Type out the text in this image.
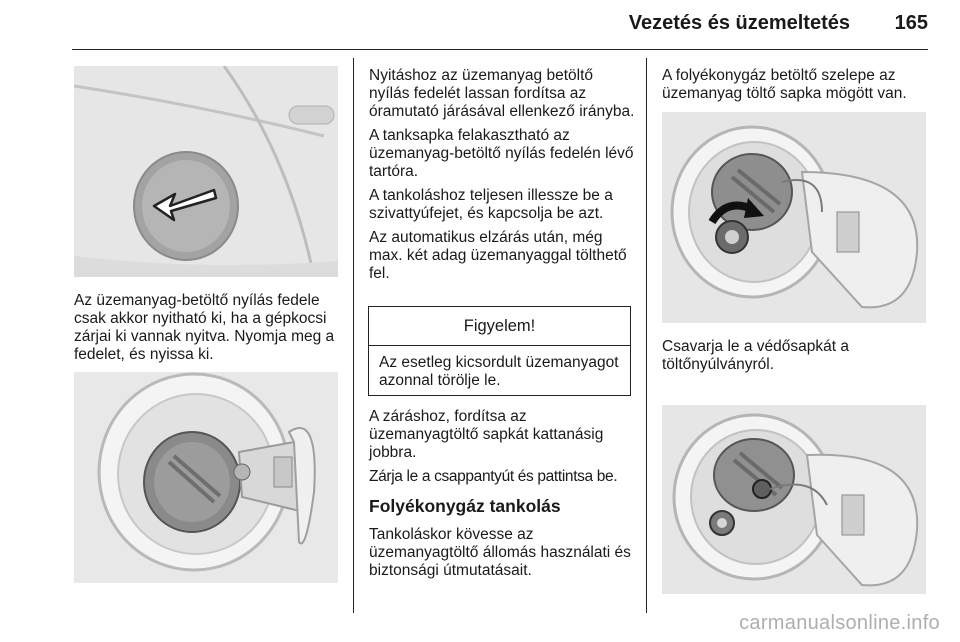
Vezetés és üzemeltetés	165

Az üzemanyag-betöltő nyílás fedele csak akkor nyitható ki, ha a gépkocsi zárjai ki vannak nyitva. Nyomja meg a fedelet, és nyissa ki.

Nyitáshoz az üzemanyag betöltő nyílás fedelét lassan fordítsa az óramutató járásával ellenkező irányba.

A tanksapka felakasztható az üzemanyag-betöltő nyílás fedelén lévő tartóra.

A tankoláshoz teljesen illessze be a szivattyúfejet, és kapcsolja be azt.

Az automatikus elzárás után, még max. két adag üzemanyaggal tölthető fel.

Figyelem!
Az esetleg kicsordult üzemanyagot azonnal törölje le.

A záráshoz, fordítsa az üzemanyagtöltő sapkát kattanásig jobbra.

Zárja le a csappantyút és pattintsa be.

Folyékonygáz tankolás

Tankoláskor kövesse az üzemanyagtöltő állomás használati és biztonsági útmutatásait.

A folyékonygáz betöltő szelepe az üzemanyag töltő sapka mögött van.

Csavarja le a védősapkát a töltőnyúlványról.

carmanualsonline.info
